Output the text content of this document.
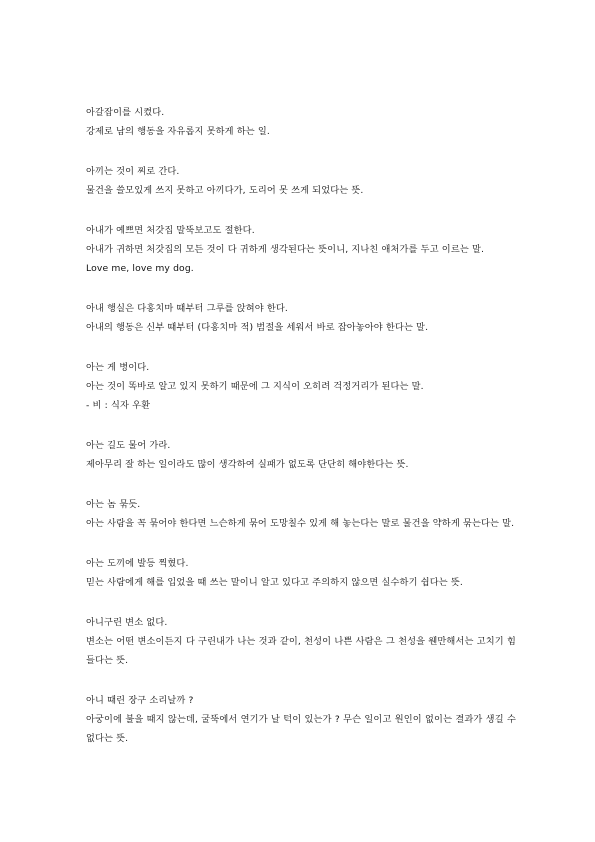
아갈잡이를 시켰다.
강제로 남의 행동을 자유롭지 못하게 하는 일.
아끼는 것이 찌로 간다.
물건을 쓸모있게 쓰지 못하고 아끼다가, 도리어 못 쓰게 되었다는 뜻.
아내가 예쁘면 처갓집 말뚝보고도 절한다.
아내가 귀하면 처갓집의 모든 것이 다 귀하게 생각된다는 뜻이니, 지나친 애처가를 두고 이르는 말.
Love me, love my dog.
아내 행실은 다홍치마 때부터 그루를 앉혀야 한다.
아내의 행동은 신부 때부터 (다홍치마 적) 범절을 세워서 바로 잡아놓아야 한다는 말.
아는 게 병이다.
아는 것이 똑바로 알고 있지 못하기 때문에 그 지식이 오히려 걱정거리가 된다는 말.
- 비 : 식자 우환
아는 길도 물어 가라.
제아무리 잘 하는 일이라도 많이 생각하여 실패가 없도록 단단히 해야한다는 뜻.
아는 놈 묶듯.
아는 사람을 꼭 묶어야 한다면 느슨하게 묶어 도망칠수 있게 해 놓는다는 말로 물건을 약하게 묶는다는 말.
아는 도끼에 발등 찍혔다.
믿는 사람에게 해를 입었을 때 쓰는 말이니 알고 있다고 주의하지 않으면 실수하기 쉽다는 뜻.
아니구린 변소 없다.
변소는 어떤 변소이든지 다 구린내가 나는 것과 같이, 천성이 나쁜 사람은 그 천성을 웬만해서는 고치기 힘들다는 뜻.
아니 때린 장구 소리날까 ?
아궁이에 불을 때지 않는데, 굴뚝에서 연기가 날 턱이 있는가 ? 무슨 일이고 원인이 없이는 결과가 생길 수 없다는 뜻.
